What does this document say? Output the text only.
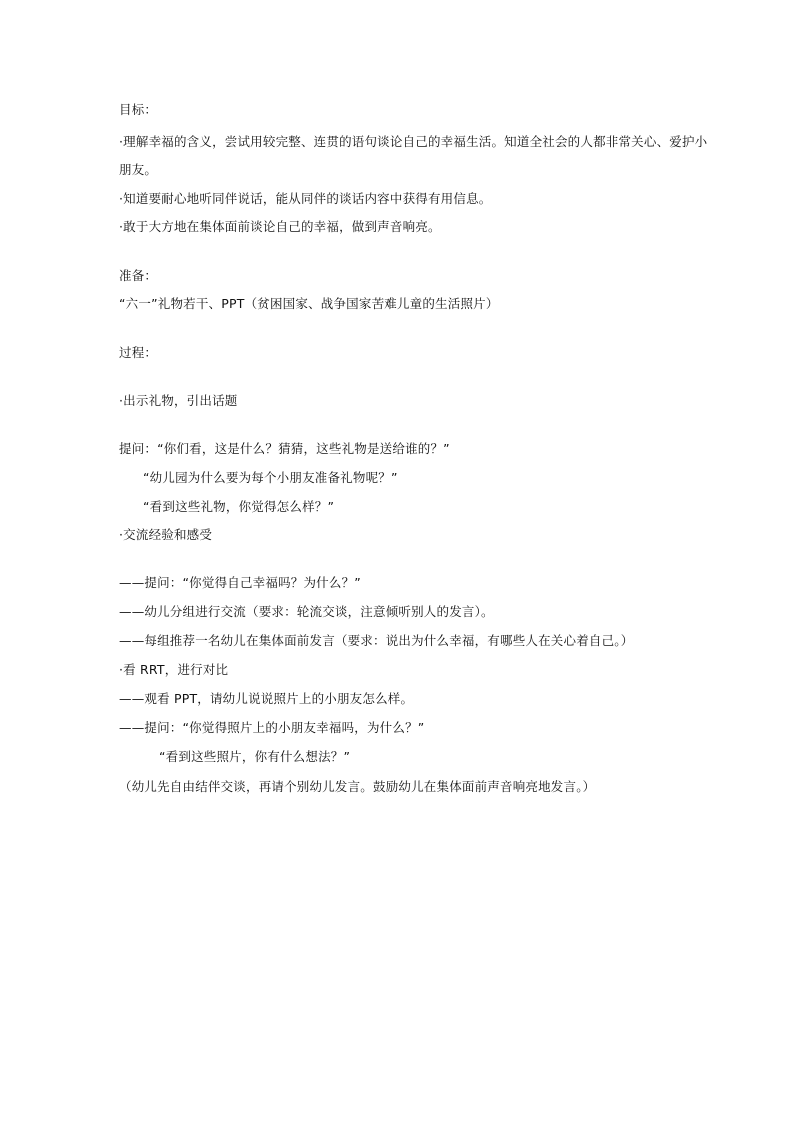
目标：
·理解幸福的含义，尝试用较完整、连贯的语句谈论自己的幸福生活。知道全社会的人都非常关心、爱护小
朋友。
·知道要耐心地听同伴说话，能从同伴的谈话内容中获得有用信息。
·敢于大方地在集体面前谈论自己的幸福，做到声音响亮。
准备：
“六一”礼物若干、PPT（贫困国家、战争国家苦难儿童的生活照片）
过程：
·出示礼物，引出话题
提问：“你们看，这是什么？猜猜，这些礼物是送给谁的？”
“幼儿园为什么要为每个小朋友准备礼物呢？”
“看到这些礼物，你觉得怎么样？”
·交流经验和感受
——提问：“你觉得自己幸福吗？为什么？”
——幼儿分组进行交流（要求：轮流交谈，注意倾听别人的发言）。
——每组推荐一名幼儿在集体面前发言（要求：说出为什么幸福，有哪些人在关心着自己。）
·看 RRT，进行对比
——观看 PPT，请幼儿说说照片上的小朋友怎么样。
——提问：“你觉得照片上的小朋友幸福吗，为什么？”
“看到这些照片，你有什么想法？”
（幼儿先自由结伴交谈，再请个别幼儿发言。鼓励幼儿在集体面前声音响亮地发言。）
